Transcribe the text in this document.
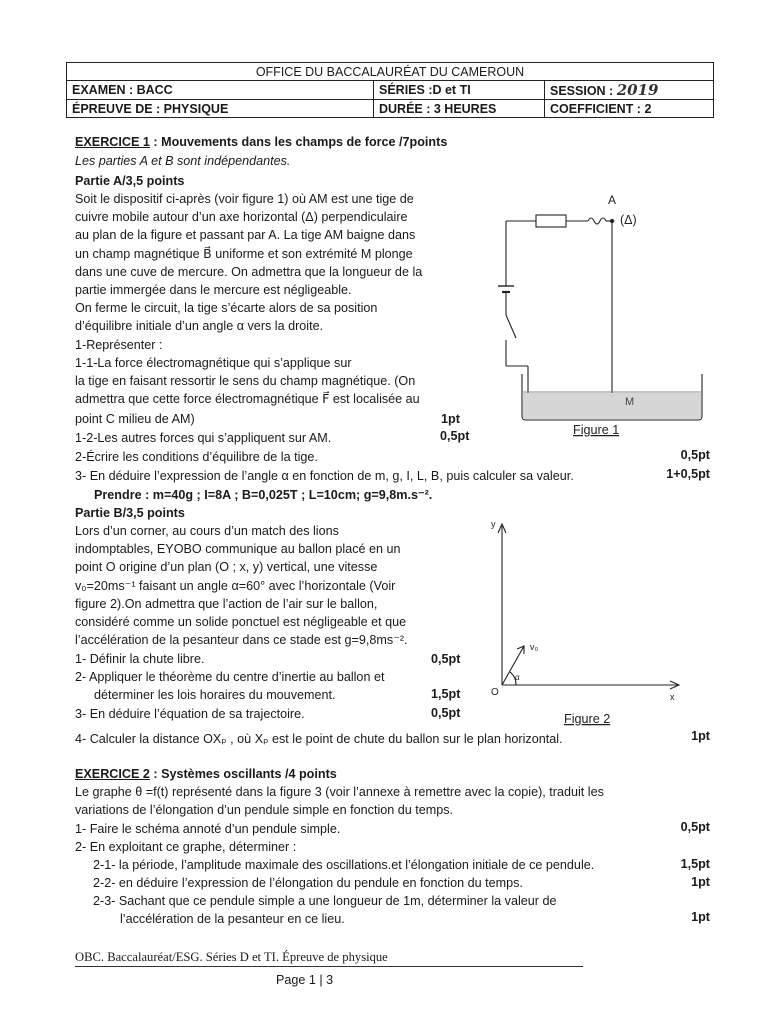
OFFICE DU BACCALAURÉAT DU CAMEROUN		
EXAMEN : BACC	SÉRIES :D et TI	SESSION : 2019
ÉPREUVE DE : PHYSIQUE	DURÉE : 3 HEURES	COEFFICIENT : 2
EXERCICE 1 : Mouvements dans les champs de force /7points
Les parties A et B sont indépendantes.
Partie A/3,5 points
Soit le dispositif ci-après (voir figure 1) où AM est une tige de
cuivre mobile autour d’un axe horizontal (Δ) perpendiculaire
au plan de la figure et passant par A. La tige AM baigne dans
un champ magnétique B⃗ uniforme et son extrémité M plonge
dans une cuve de mercure. On admettra que la longueur de la
partie immergée dans le mercure est négligeable.
On ferme le circuit, la tige s’écarte alors de sa position
d’équilibre initiale d’un angle α vers la droite.
1-Représenter :
1-1-La force électromagnétique qui s’applique sur
la tige en faisant ressortir le sens du champ magnétique. (On
admettra que cette force électromagnétique F⃗ est localisée au
point C milieu de AM)	1pt
1-2-Les autres forces qui s’appliquent sur AM.	0,5pt
2-Écrire les conditions d’équilibre de la tige.	0,5pt
3- En déduire l’expression de l’angle α en fonction de m, g, I, L, B, puis calculer sa valeur.	1+0,5pt
Prendre : m=40g ; I=8A ; B=0,025T ; L=10cm; g=9,8m.s⁻².
Partie B/3,5 points
Lors d’un corner, au cours d’un match des lions
indomptables, EYOBO communique au ballon placé en un
point O origine d’un plan (O ; x, y) vertical, une vitesse
v₀=20ms⁻¹ faisant un angle α=60° avec l’horizontale (Voir
figure 2).On admettra que l’action de l’air sur le ballon,
considéré comme un solide ponctuel est négligeable et que
l’accélération de la pesanteur dans ce stade est g=9,8ms⁻².
1- Définir la chute libre.	0,5pt
2- Appliquer le théorème du centre d’inertie au ballon et
déterminer les lois horaires du mouvement.	1,5pt
3- En déduire l’équation de sa trajectoire.	0,5pt
4- Calculer la distance OXₚ , où Xₚ est le point de chute du ballon sur le plan horizontal.	1pt
A
(Δ)
M
Figure 1
y
x
O
v₀
α
Figure 2
EXERCICE 2 : Systèmes oscillants /4 points
Le graphe θ =f(t) représenté dans la figure 3 (voir l’annexe à remettre avec la copie), traduit les
variations de l’élongation d’un pendule simple en fonction du temps.
1- Faire le schéma annoté d’un pendule simple.	0,5pt
2- En exploitant ce graphe, déterminer :
2-1- la période, l’amplitude maximale des oscillations.et l’élongation initiale de ce pendule.	1,5pt
2-2- en déduire l’expression de l’élongation du pendule en fonction du temps.	1pt
2-3- Sachant que ce pendule simple a une longueur de 1m, déterminer la valeur de
l’accélération de la pesanteur en ce lieu.	1pt
OBC. Baccalauréat/ESG. Séries D et TI. Épreuve de physique
Page 1 | 3
